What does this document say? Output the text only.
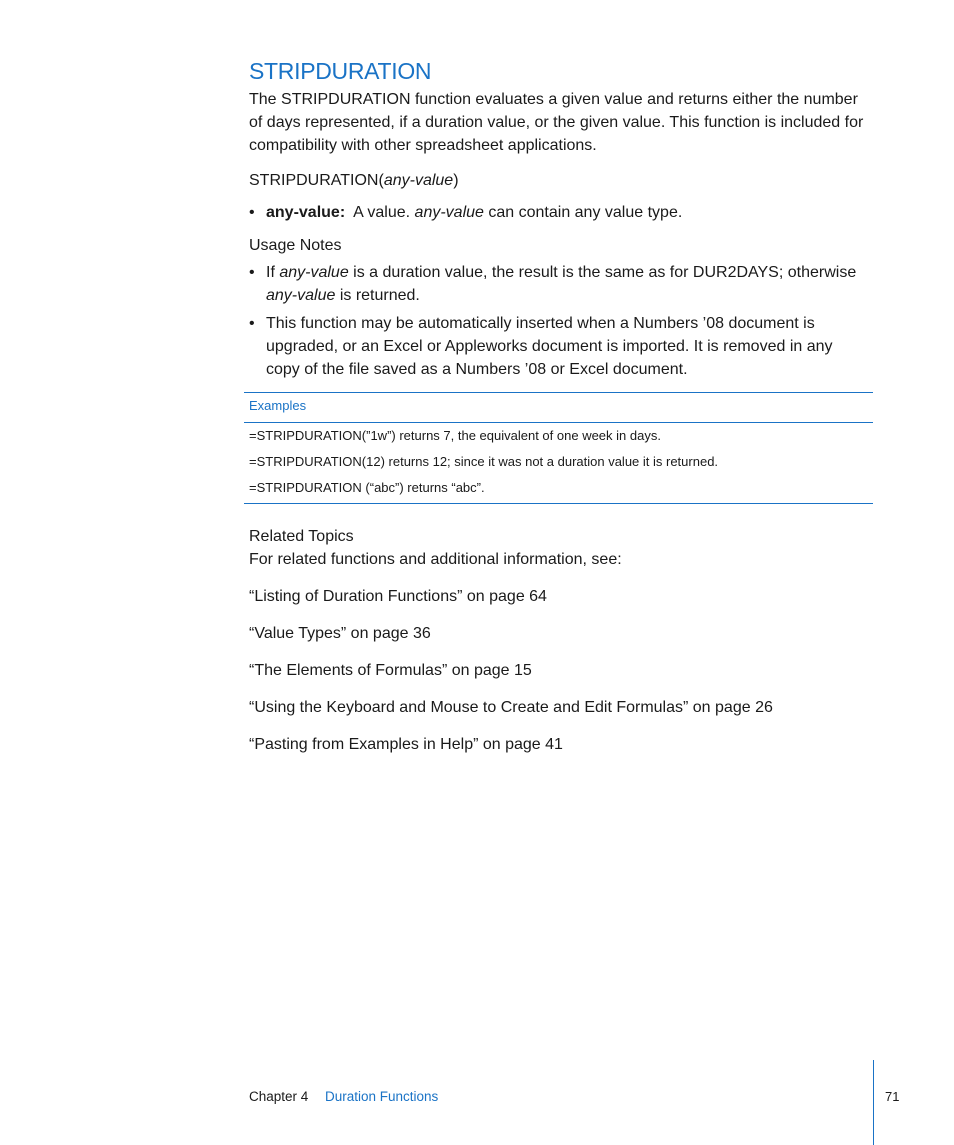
STRIPDURATION

The STRIPDURATION function evaluates a given value and returns either the number of days represented, if a duration value, or the given value. This function is included for compatibility with other spreadsheet applications.

STRIPDURATION(any-value)
• any-value: A value. any-value can contain any value type.
Usage Notes
• If any-value is a duration value, the result is the same as for DUR2DAYS; otherwise any-value is returned.
• This function may be automatically inserted when a Numbers ’08 document is upgraded, or an Excel or Appleworks document is imported. It is removed in any copy of the file saved as a Numbers ’08 or Excel document.
Examples
=STRIPDURATION(”1w”) returns 7, the equivalent of one week in days.
=STRIPDURATION(12) returns 12; since it was not a duration value it is returned.
=STRIPDURATION (“abc”) returns “abc”.
Related Topics
For related functions and additional information, see:
“Listing of Duration Functions” on page 64
“Value Types” on page 36
“The Elements of Formulas” on page 15
“Using the Keyboard and Mouse to Create and Edit Formulas” on page 26
“Pasting from Examples in Help” on page 41
Chapter 4 Duration Functions	71
